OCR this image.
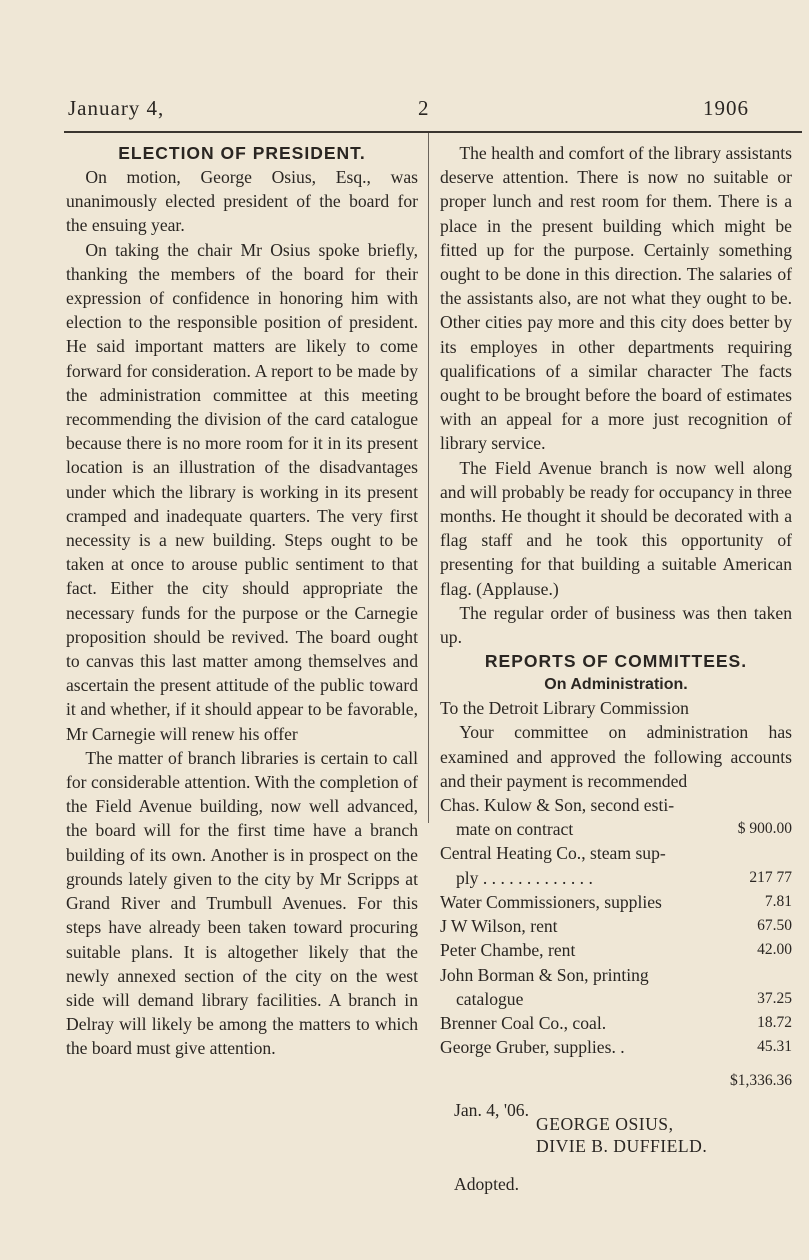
January 4,	2	1906
ELECTION OF PRESIDENT.

On motion, George Osius, Esq., was unanimously elected president of the board for the ensuing year.

On taking the chair Mr Osius spoke briefly, thanking the members of the board for their expression of confidence in honoring him with election to the responsible position of president. He said important matters are likely to come forward for consideration. A report to be made by the administration committee at this meeting recommending the division of the card catalogue because there is no more room for it in its present location is an illustration of the disadvantages under which the library is working in its present cramped and inadequate quarters. The very first necessity is a new building. Steps ought to be taken at once to arouse public sentiment to that fact. Either the city should appropriate the necessary funds for the purpose or the Carnegie proposition should be revived. The board ought to canvas this last matter among themselves and ascertain the present attitude of the public toward it and whether, if it should appear to be favorable, Mr Carnegie will renew his offer

The matter of branch libraries is certain to call for considerable attention. With the completion of the Field Avenue building, now well advanced, the board will for the first time have a branch building of its own. Another is in prospect on the grounds lately given to the city by Mr Scripps at Grand River and Trumbull Avenues. For this steps have already been taken toward procuring suitable plans. It is altogether likely that the newly annexed section of the city on the west side will demand library facilities. A branch in Delray will likely be among the matters to which the board must give attention.

The health and comfort of the library assistants deserve attention. There is now no suitable or proper lunch and rest room for them. There is a place in the present building which might be fitted up for the purpose. Certainly something ought to be done in this direction. The salaries of the assistants also, are not what they ought to be. Other cities pay more and this city does better by its employes in other departments requiring qualifications of a similar character The facts ought to be brought before the board of estimates with an appeal for a more just recognition of library service.

The Field Avenue branch is now well along and will probably be ready for occupancy in three months. He thought it should be decorated with a flag staff and he took this opportunity of presenting for that building a suitable American flag. (Applause.)

The regular order of business was then taken up.

REPORTS OF COMMITTEES.
On Administration.

To the Detroit Library Commission

Your committee on administration has examined and approved the following accounts and their payment is recommended

Chas. Kulow & Son, second esti-
mate on contract	$ 900.00
Central Heating Co., steam sup-
ply . . . . . . . . . . . . .	217 77
Water Commissioners, supplies	7.81
J W Wilson, rent	67.50
Peter Chambe, rent	42.00
John Borman & Son, printing
catalogue	37.25
Brenner Coal Co., coal.	18.72
George Gruber, supplies. .	45.31
$1,336.36
Jan. 4, '06.
GEORGE OSIUS,
DIVIE B. DUFFIELD.
Adopted.
